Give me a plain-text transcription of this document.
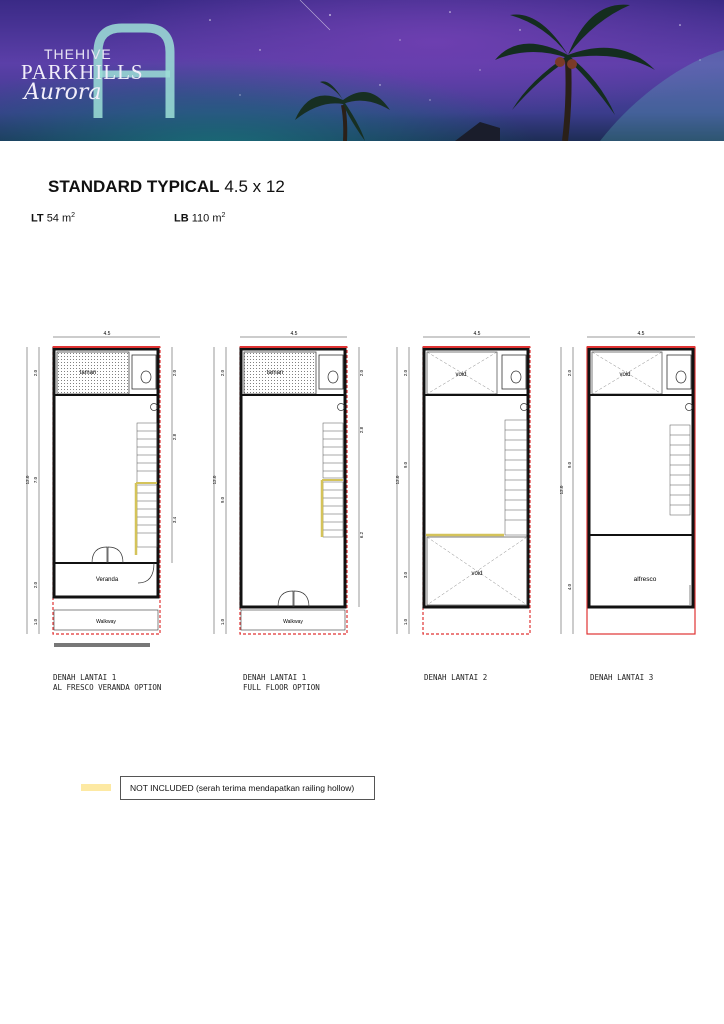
THEHIVE
PARKHILLS
Aurora
STANDARD TYPICAL 4.5 x 12
LT 54 $m^2$	LB 110 $m^2$
4.5
taman
Veranda
Walkway
12.0
2.0
7.0
2.0
1.0
2.0
2.8
3.4
4.5
taman
Walkway
12.0
2.0
9.0
1.0
2.0
2.8
6.2
4.5
void
void
12.0
2.0
9.0
3.0
1.0
4.5
void
alfresco
12.0
2.0
9.0
4.0
DENAH LANTAI 1
AL FRESCO VERANDA OPTION
DENAH LANTAI 1
FULL FLOOR OPTION
DENAH LANTAI 2	DENAH LANTAI 3
NOT INCLUDED (serah terima mendapatkan railing hollow)
